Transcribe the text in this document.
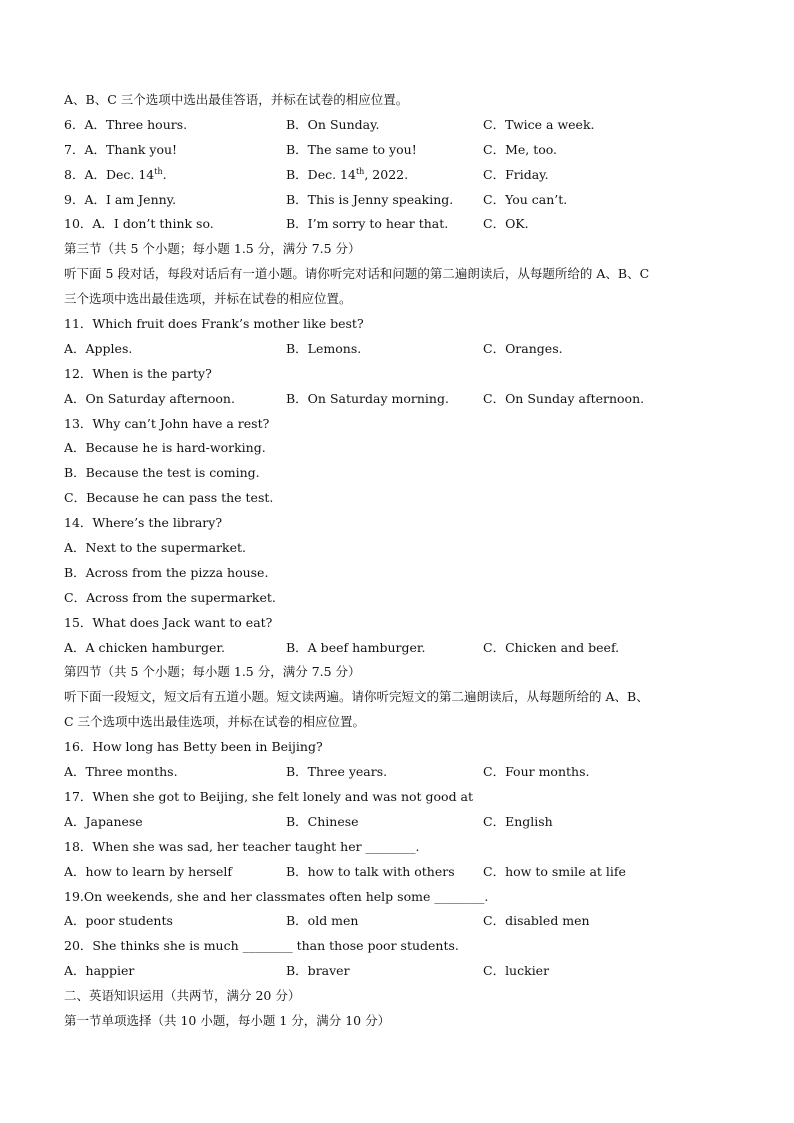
A、B、C 三个选项中选出最佳答语，并标在试卷的相应位置。
6．A．Three hours.	B．On Sunday.	C．Twice a week.
7．A．Thank you!	B．The same to you!	C．Me, too.
8．A．Dec. 14th.	B．Dec. 14th, 2022.	C．Friday.
9．A．I am Jenny.	B．This is Jenny speaking. C．You can’t.
10．A．I don’t think so.	B．I’m sorry to hear that.	C．OK.
第三节（共 5 个小题；每小题 1.5 分，满分 7.5 分）
听下面 5 段对话，每段对话后有一道小题。请你听完对话和问题的第二遍朗读后，从每题所给的 A、B、C
三个选项中选出最佳选项，并标在试卷的相应位置。
11．Which fruit does Frank’s mother like best?
A．Apples.	B．Lemons.	C．Oranges.
12．When is the party?
A．On Saturday afternoon.	B．On Saturday morning.	C．On Sunday afternoon.
13．Why can’t John have a rest?
A．Because he is hard-working.
B．Because the test is coming.
C．Because he can pass the test.
14．Where’s the library?
A．Next to the supermarket.
B．Across from the pizza house.
C．Across from the supermarket.
15．What does Jack want to eat?
A．A chicken hamburger.	B．A beef hamburger.	C．Chicken and beef.
第四节（共 5 个小题；每小题 1.5 分，满分 7.5 分）
听下面一段短文，短文后有五道小题。短文读两遍。请你听完短文的第二遍朗读后，从每题所给的 A、B、
C 三个选项中选出最佳选项，并标在试卷的相应位置。
16．How long has Betty been in Beijing?
A．Three months.	B．Three years.	C．Four months.
17．When she got to Beijing, she felt lonely and was not good at
A．Japanese	B．Chinese	C．English
18．When she was sad, her teacher taught her ________.
A．how to learn by herself	B．how to talk with others C．how to smile at life
19.On weekends, she and her classmates often help some ________.
A．poor students	B．old men	C．disabled men
20．She thinks she is much ________ than those poor students.
A．happier	B．braver	C．luckier
二、英语知识运用（共两节，满分 20 分）
第一节单项选择（共 10 小题，每小题 1 分，满分 10 分）
